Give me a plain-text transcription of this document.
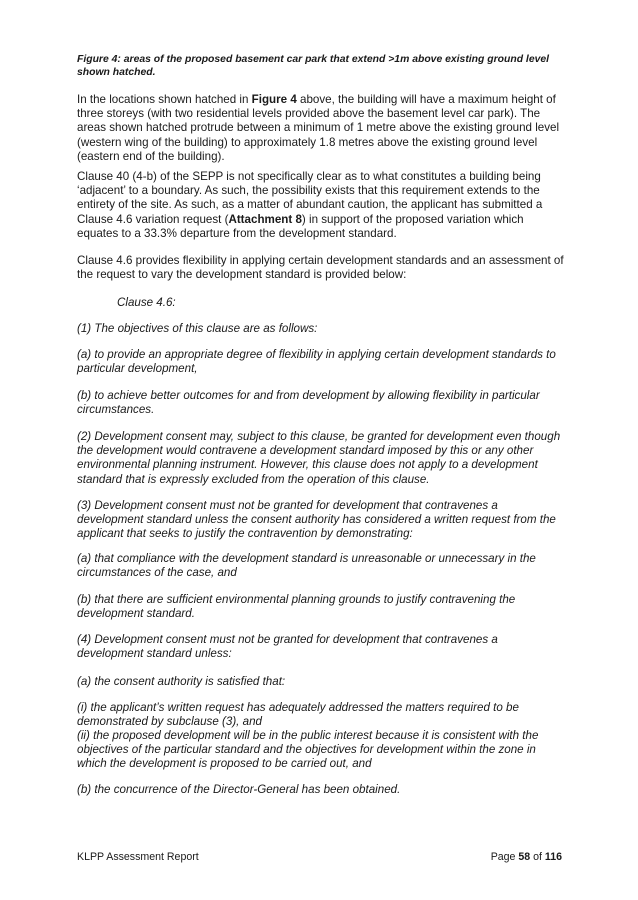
Figure 4: areas of the proposed basement car park that extend >1m above existing ground level shown hatched.

In the locations shown hatched in Figure 4 above, the building will have a maximum height of three storeys (with two residential levels provided above the basement level car park). The areas shown hatched protrude between a minimum of 1 metre above the existing ground level (western wing of the building) to approximately 1.8 metres above the existing ground level (eastern end of the building).

Clause 40 (4-b) of the SEPP is not specifically clear as to what constitutes a building being ‘adjacent’ to a boundary. As such, the possibility exists that this requirement extends to the entirety of the site. As such, as a matter of abundant caution, the applicant has submitted a Clause 4.6 variation request (Attachment 8) in support of the proposed variation which equates to a 33.3% departure from the development standard.

Clause 4.6 provides flexibility in applying certain development standards and an assessment of the request to vary the development standard is provided below:

Clause 4.6:

(1) The objectives of this clause are as follows:

(a) to provide an appropriate degree of flexibility in applying certain development standards to particular development,

(b) to achieve better outcomes for and from development by allowing flexibility in particular circumstances.

(2) Development consent may, subject to this clause, be granted for development even though the development would contravene a development standard imposed by this or any other environmental planning instrument. However, this clause does not apply to a development standard that is expressly excluded from the operation of this clause.

(3) Development consent must not be granted for development that contravenes a development standard unless the consent authority has considered a written request from the applicant that seeks to justify the contravention by demonstrating:

(a) that compliance with the development standard is unreasonable or unnecessary in the circumstances of the case, and

(b) that there are sufficient environmental planning grounds to justify contravening the development standard.

(4) Development consent must not be granted for development that contravenes a development standard unless:

(a) the consent authority is satisfied that:

(i) the applicant’s written request has adequately addressed the matters required to be demonstrated by subclause (3), and

(ii) the proposed development will be in the public interest because it is consistent with the objectives of the particular standard and the objectives for development within the zone in which the development is proposed to be carried out, and

(b) the concurrence of the Director-General has been obtained.

KLPP Assessment Report	Page 58 of 116
